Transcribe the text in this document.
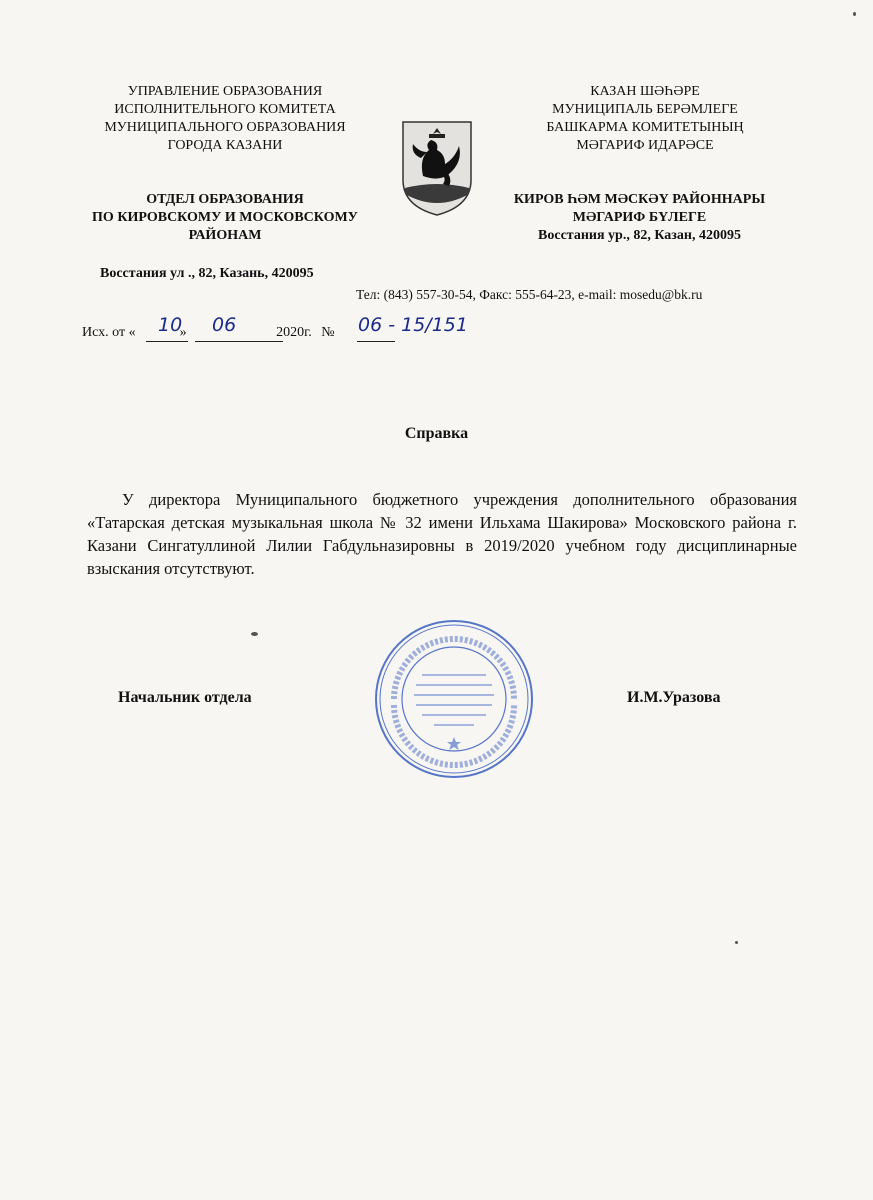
УПРАВЛЕНИЕ ОБРАЗОВАНИЯ
ИСПОЛНИТЕЛЬНОГО КОМИТЕТА
МУНИЦИПАЛЬНОГО ОБРАЗОВАНИЯ
ГОРОДА КАЗАНИ
ОТДЕЛ ОБРАЗОВАНИЯ
ПО КИРОВСКОМУ И МОСКОВСКОМУ
РАЙОНАМ
Восстания ул ., 82, Казань, 420095
КАЗАН ШӘҺӘРЕ
МУНИЦИПАЛЬ БЕРӘМЛЕГЕ
БАШКАРМА КОМИТЕТЫНЫҢ
МӘГАРИФ ИДАРӘСЕ
КИРОВ ҺӘМ МӘСКӘҮ РАЙОННАРЫ
МӘГАРИФ БҮЛЕГЕ
Восстания ур., 82, Казан, 420095
Тел: (843) 557-30-54, Факс: 555-64-23, e-mail: mosedu@bk.ru
Исх. от «	»	2020г. №
10 06	06 - 15/151
Справка
У директора Муниципального бюджетного учреждения дополнительного образования «Татарская детская музыкальная школа № 32 имени Ильхама Шакирова» Московского района г. Казани Сингатуллиной Лилии Габдульназировны в 2019/2020 учебном году дисциплинарные взыскания отсутствуют.
Начальник отдела	И.М.Уразова
